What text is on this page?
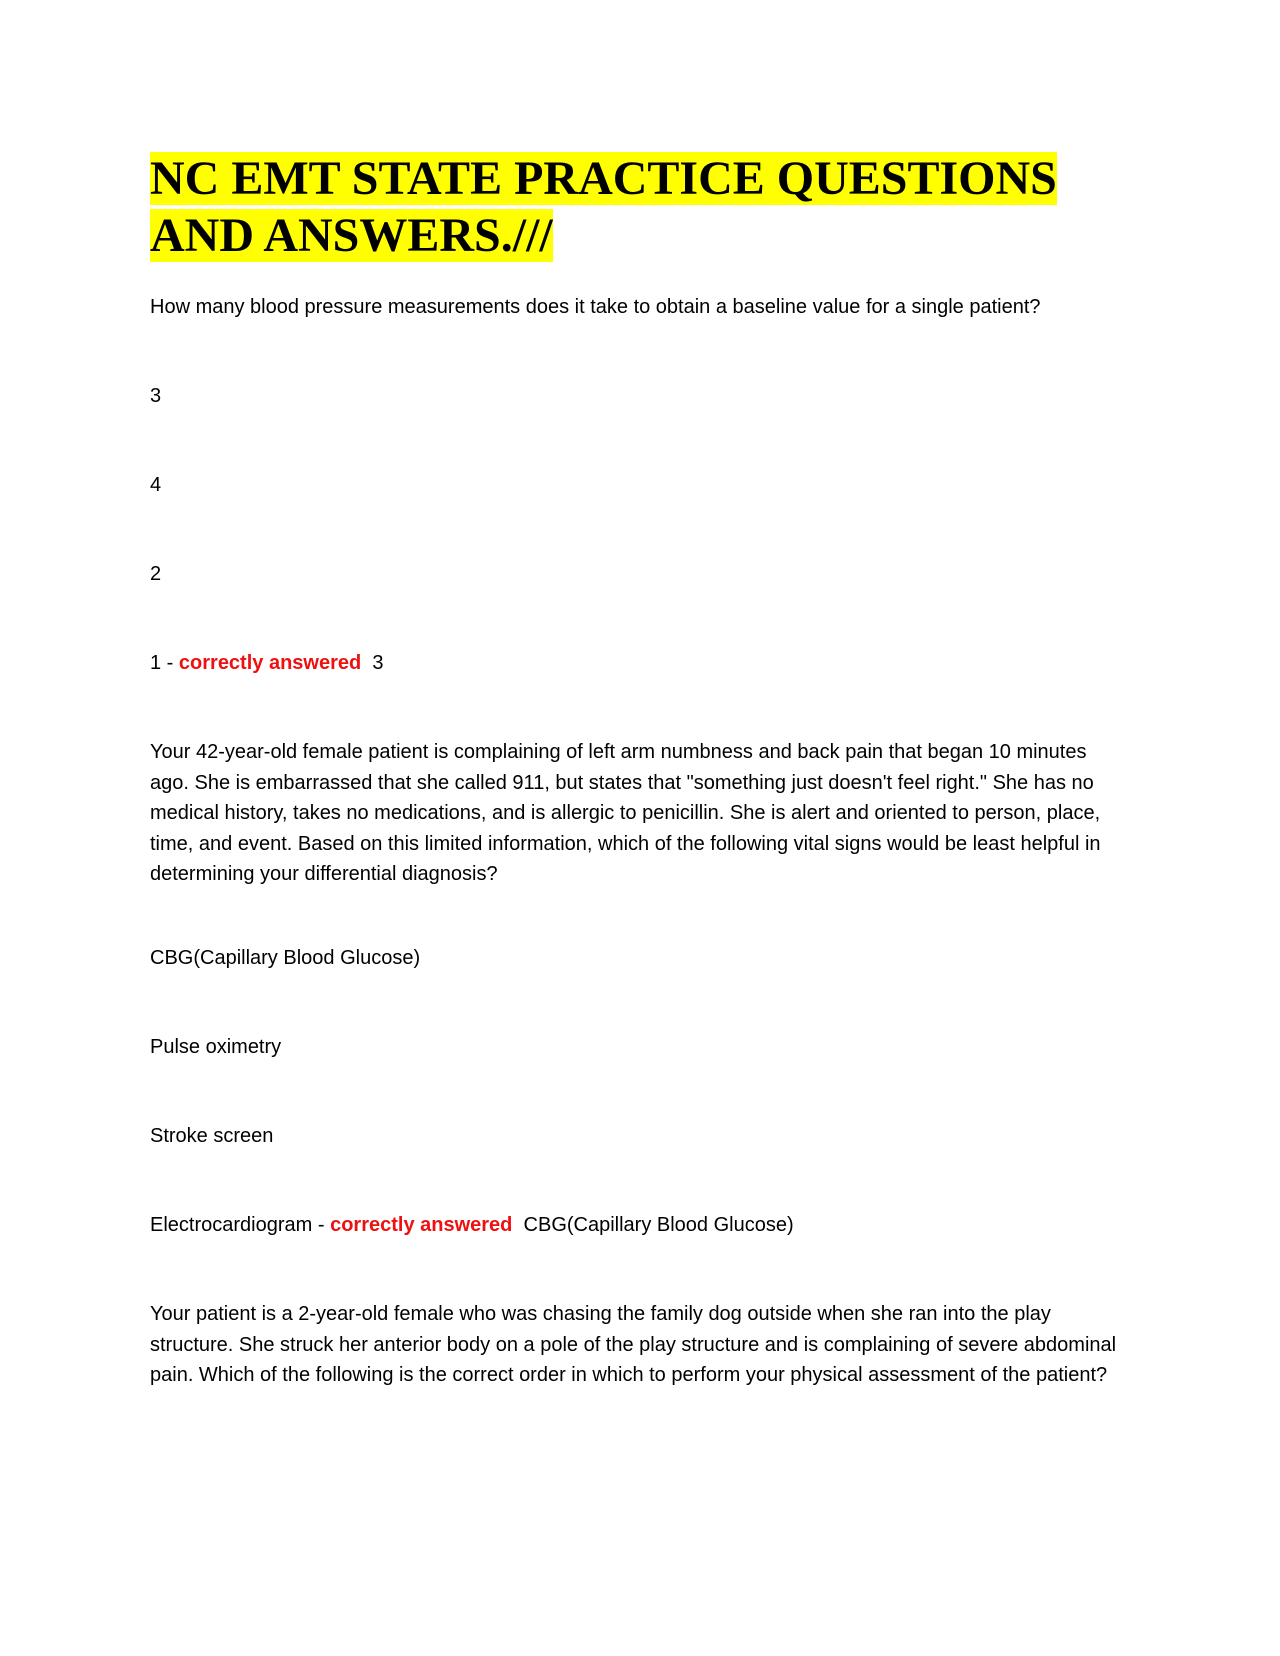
NC EMT STATE PRACTICE QUESTIONS AND ANSWERS.///

How many blood pressure measurements does it take to obtain a baseline value for a single patient?

3

4

2

1 - correctly answered 3

Your 42-year-old female patient is complaining of left arm numbness and back pain that began 10 minutes ago. She is embarrassed that she called 911, but states that "something just doesn't feel right." She has no medical history, takes no medications, and is allergic to penicillin. She is alert and oriented to person, place, time, and event. Based on this limited information, which of the following vital signs would be least helpful in determining your differential diagnosis?

CBG(Capillary Blood Glucose)

Pulse oximetry

Stroke screen

Electrocardiogram - correctly answered CBG(Capillary Blood Glucose)

Your patient is a 2-year-old female who was chasing the family dog outside when she ran into the play structure. She struck her anterior body on a pole of the play structure and is complaining of severe abdominal pain. Which of the following is the correct order in which to perform your physical assessment of the patient?
